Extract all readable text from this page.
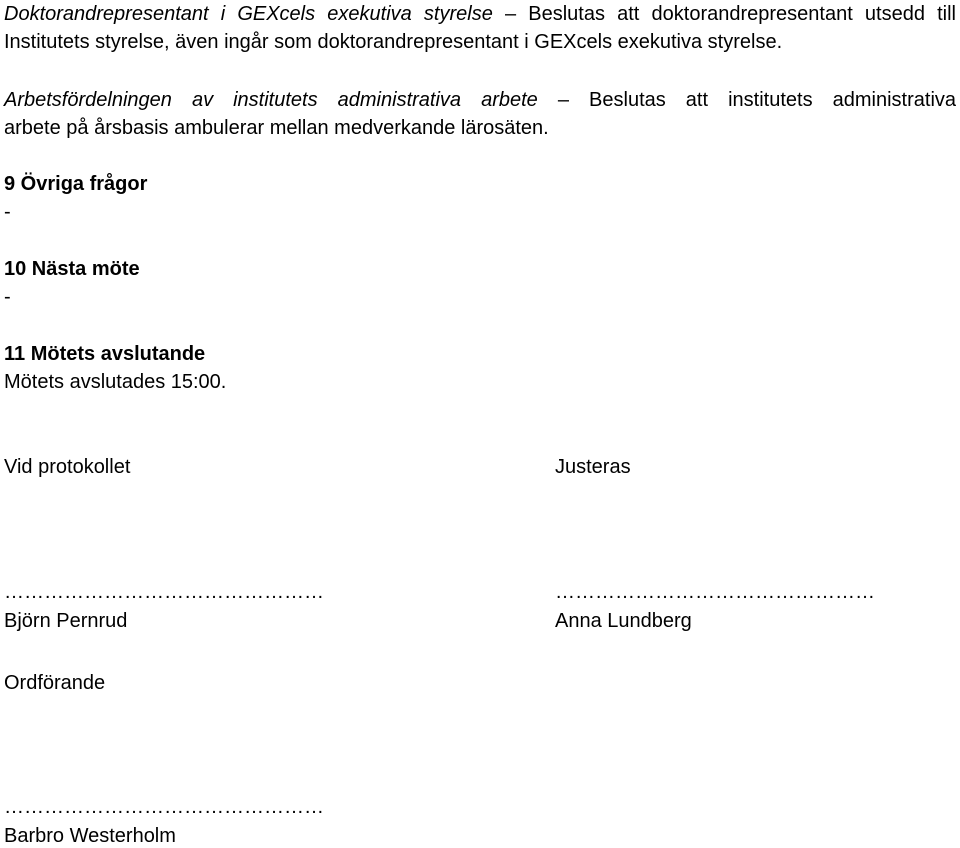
Doktorandrepresentant i GEXcels exekutiva styrelse – Beslutas att doktorandrepresentant utsedd till
Institutets styrelse, även ingår som doktorandrepresentant i GEXcels exekutiva styrelse.
Arbetsfördelningen av institutets administrativa arbete – Beslutas att institutets administrativa
arbete på årsbasis ambulerar mellan medverkande lärosäten.
9 Övriga frågor
-
10 Nästa möte
-
11 Mötets avslutande
Mötets avslutades 15:00.
Vid protokollet	Justeras
…………………………………………	…………………………………………
Björn Pernrud	Anna Lundberg
Ordförande
…………………………………………
Barbro Westerholm
